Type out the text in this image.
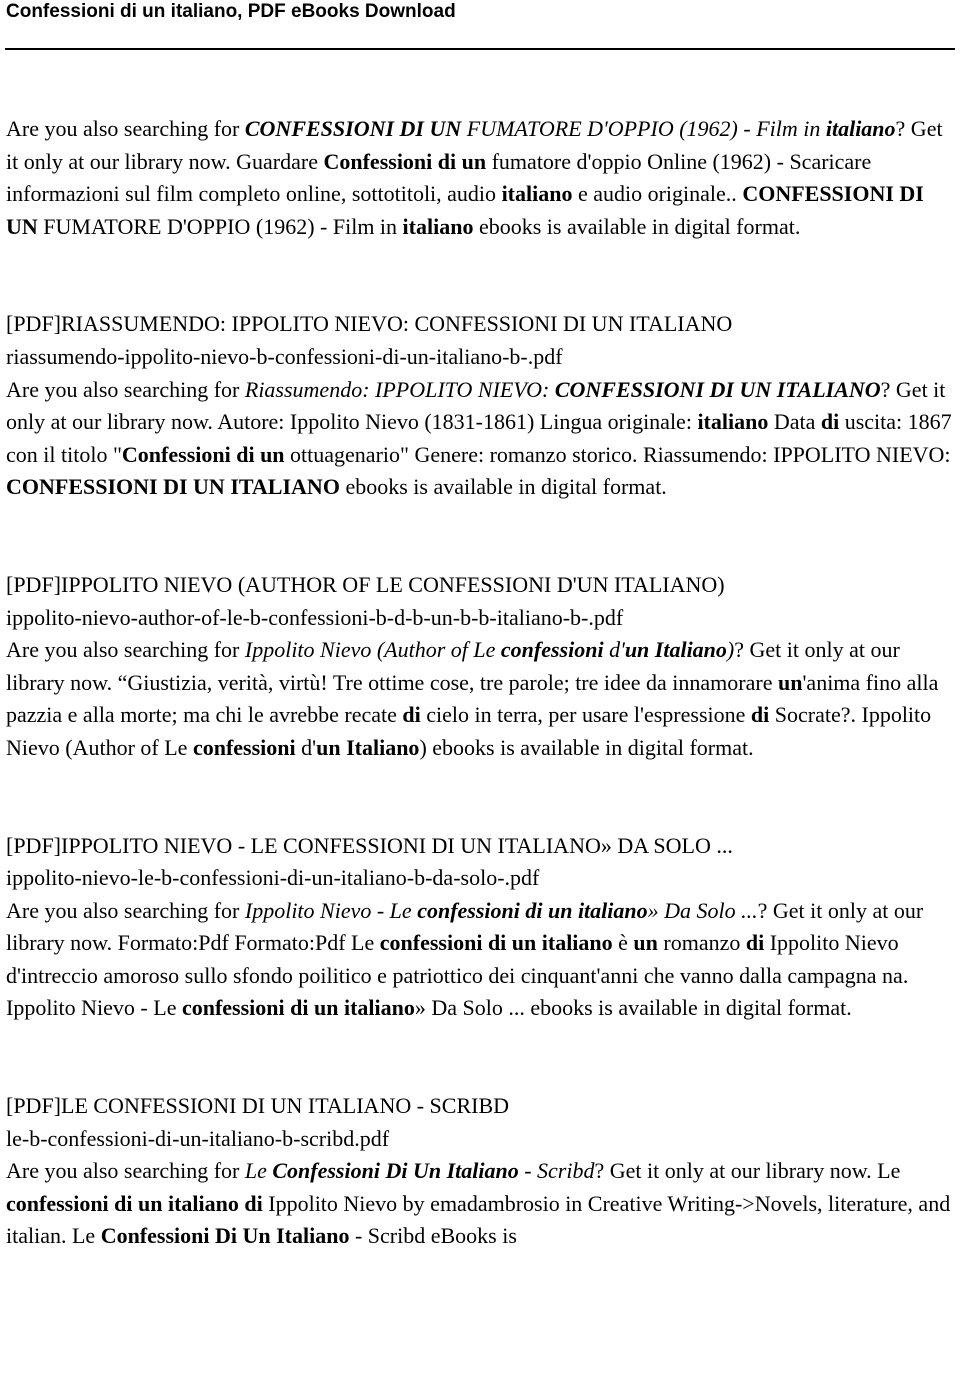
Confessioni di un italiano, PDF eBooks Download

Are you also searching for CONFESSIONI DI UN FUMATORE D'OPPIO (1962) - Film in italiano? Get it only at our library now. Guardare Confessioni di un fumatore d'oppio Online (1962) - Scaricare informazioni sul film completo online, sottotitoli, audio italiano e audio originale.. CONFESSIONI DI UN FUMATORE D'OPPIO (1962) - Film in italiano ebooks is available in digital format.

[PDF]RIASSUMENDO: IPPOLITO NIEVO: CONFESSIONI DI UN ITALIANO
riassumendo-ippolito-nievo-b-confessioni-di-un-italiano-b-.pdf

Are you also searching for Riassumendo: IPPOLITO NIEVO: CONFESSIONI DI UN ITALIANO? Get it only at our library now. Autore: Ippolito Nievo (1831-1861) Lingua originale: italiano Data di uscita: 1867 con il titolo "Confessioni di un ottuagenario" Genere: romanzo storico. Riassumendo: IPPOLITO NIEVO: CONFESSIONI DI UN ITALIANO ebooks is available in digital format.

[PDF]IPPOLITO NIEVO (AUTHOR OF LE CONFESSIONI D'UN ITALIANO)
ippolito-nievo-author-of-le-b-confessioni-b-d-b-un-b-b-italiano-b-.pdf

Are you also searching for Ippolito Nievo (Author of Le confessioni d'un Italiano)? Get it only at our library now. “Giustizia, verità, virtù! Tre ottime cose, tre parole; tre idee da innamorare un'anima fino alla pazzia e alla morte; ma chi le avrebbe recate di cielo in terra, per usare l'espressione di Socrate?. Ippolito Nievo (Author of Le confessioni d'un Italiano) ebooks is available in digital format.

[PDF]IPPOLITO NIEVO - LE CONFESSIONI DI UN ITALIANO» DA SOLO ...
ippolito-nievo-le-b-confessioni-di-un-italiano-b-da-solo-.pdf

Are you also searching for Ippolito Nievo - Le confessioni di un italiano» Da Solo ...? Get it only at our library now. Formato:Pdf Formato:Pdf Le confessioni di un italiano è un romanzo di Ippolito Nievo d'intreccio amoroso sullo sfondo poilitico e patriottico dei cinquant'anni che vanno dalla campagna na. Ippolito Nievo - Le confessioni di un italiano» Da Solo ... ebooks is available in digital format.

[PDF]LE CONFESSIONI DI UN ITALIANO - SCRIBD
le-b-confessioni-di-un-italiano-b-scribd.pdf

Are you also searching for Le Confessioni Di Un Italiano - Scribd? Get it only at our library now. Le confessioni di un italiano di Ippolito Nievo by emadambrosio in Creative Writing->Novels, literature, and italian. Le Confessioni Di Un Italiano - Scribd eBooks is
